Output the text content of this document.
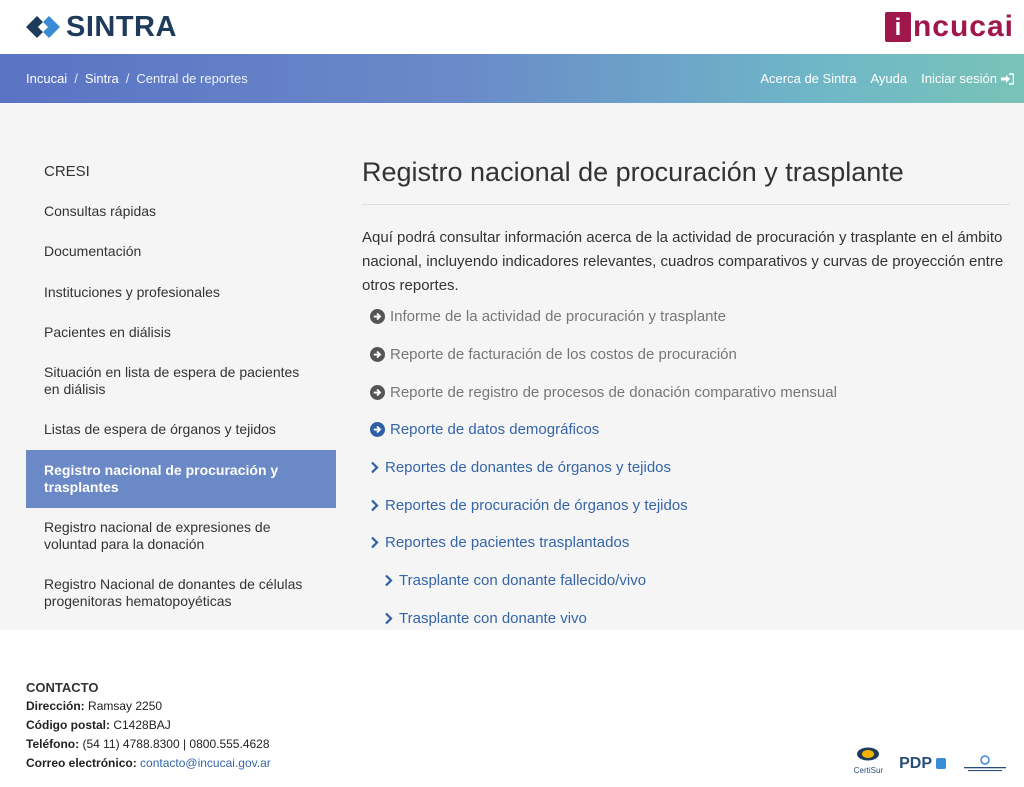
SINTRA	i ncucai
Incucai / Sintra / Central de reportes	Acerca de Sintra Ayuda Iniciar sesión
CRESI
Consultas rápidas
Documentación
Instituciones y profesionales
Pacientes en diálisis
Situación en lista de espera de pacientes en diálisis
Listas de espera de órganos y tejidos
Registro nacional de procuración y trasplantes
Registro nacional de expresiones de voluntad para la donación
Registro Nacional de donantes de células progenitoras hematopoyéticas
Registro nacional de procuración y trasplante

Aquí podrá consultar información acerca de la actividad de procuración y trasplante en el ámbito nacional, incluyendo indicadores relevantes, cuadros comparativos y curvas de proyección entre otros reportes.

Informe de la actividad de procuración y trasplante
Reporte de facturación de los costos de procuración
Reporte de registro de procesos de donación comparativo mensual
Reporte de datos demográficos
Reportes de donantes de órganos y tejidos
Reportes de procuración de órganos y tejidos
Reportes de pacientes trasplantados
Trasplante con donante fallecido/vivo
Trasplante con donante vivo
CONTACTO
Dirección: Ramsay 2250
Código postal: C1428BAJ
Teléfono: (54 11) 4788.8300 | 0800.555.4628
Correo electrónico: contacto@incucai.gov.ar
CertiSur PDP
